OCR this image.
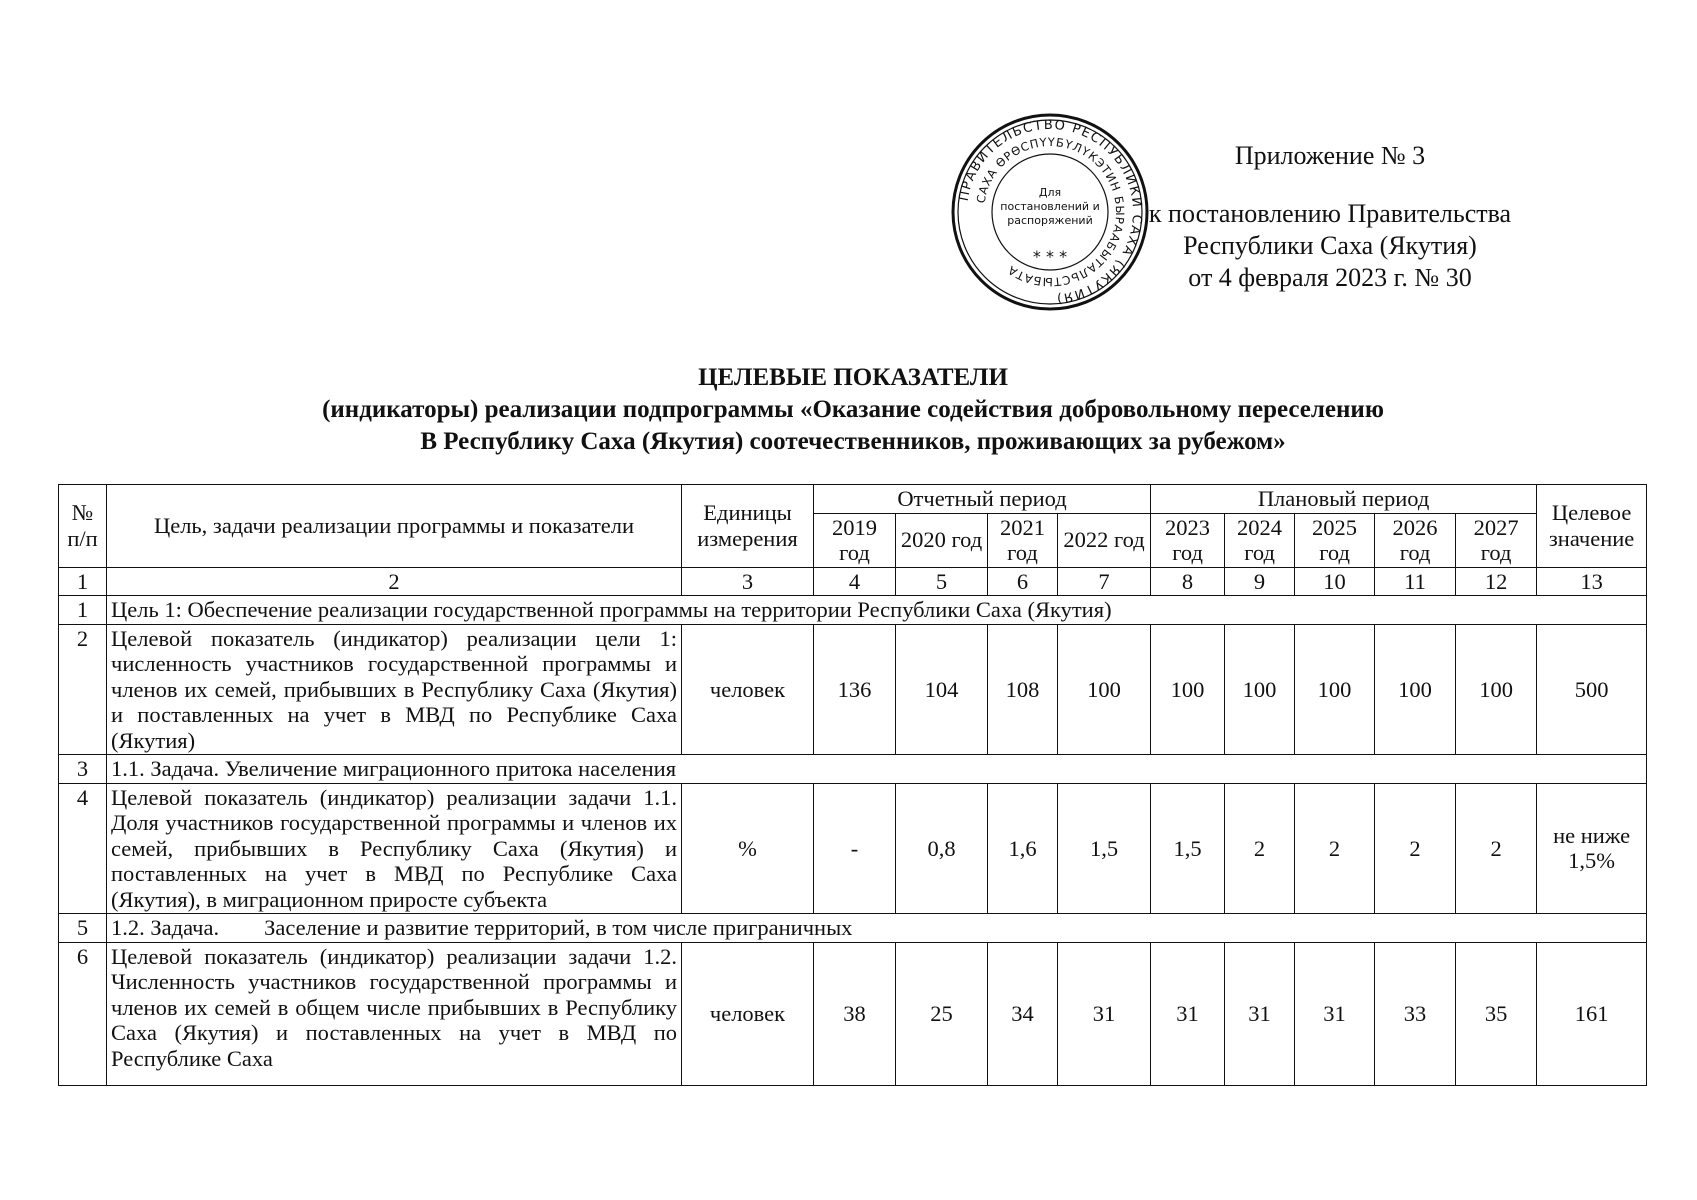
ПРАВИТЕЛЬСТВО РЕСПУБЛИКИ САХА (ЯКУТИЯ)
САХА ӨРӨСПҮҮБҮЛҮКЭТИН БЫРААБЫТАЛЬСТЫБАТА
Для
постановлений и
распоряжений
* * *
Приложение № 3
к постановлению Правительства
Республики Саха (Якутия)
от 4 февраля 2023 г. № 30
ЦЕЛЕВЫЕ ПОКАЗАТЕЛИ
(индикаторы) реализации подпрограммы «Оказание содействия добровольному переселению
В Республику Саха (Якутия) соотечественников, проживающих за рубежом»
№ п/п	Цель, задачи реализации программы и показатели	Единицы измерения	Отчетный период				Плановый период					Целевое значение
			2019 год	2020 год	2021 год	2022 год	2023 год	2024 год	2025 год	2026 год	2027 год	
1	2	3	4	5	6	7	8	9	10	11	12	13
1	Цель 1: Обеспечение реализации государственной программы на территории Республики Саха (Якутия)											
2	Целевой показатель (индикатор) реализации цели 1: численность участников государственной программы и членов их семей, прибывших в Республику Саха (Якутия) и поставленных на учет в МВД по Республике Саха (Якутия)	человек	136	104	108	100	100	100	100	100	100	500
3	1.1. Задача. Увеличение миграционного притока населения											
4	Целевой показатель (индикатор) реализации задачи 1.1. Доля участников государственной программы и членов их семей, прибывших в Республику Саха (Якутия) и поставленных на учет в МВД по Республике Саха (Якутия), в миграционном приросте субъекта	%	-	0,8	1,6	1,5	1,5	2	2	2	2	не ниже 1,5%
5	1.2. Задача.        Заселение и развитие территорий, в том числе приграничных											
6	Целевой показатель (индикатор) реализации задачи 1.2. Численность участников государственной программы и членов их семей в общем числе прибывших в Республику Саха (Якутия) и поставленных на учет в МВД по Республике Саха	человек	38	25	34	31	31	31	31	33	35	161
